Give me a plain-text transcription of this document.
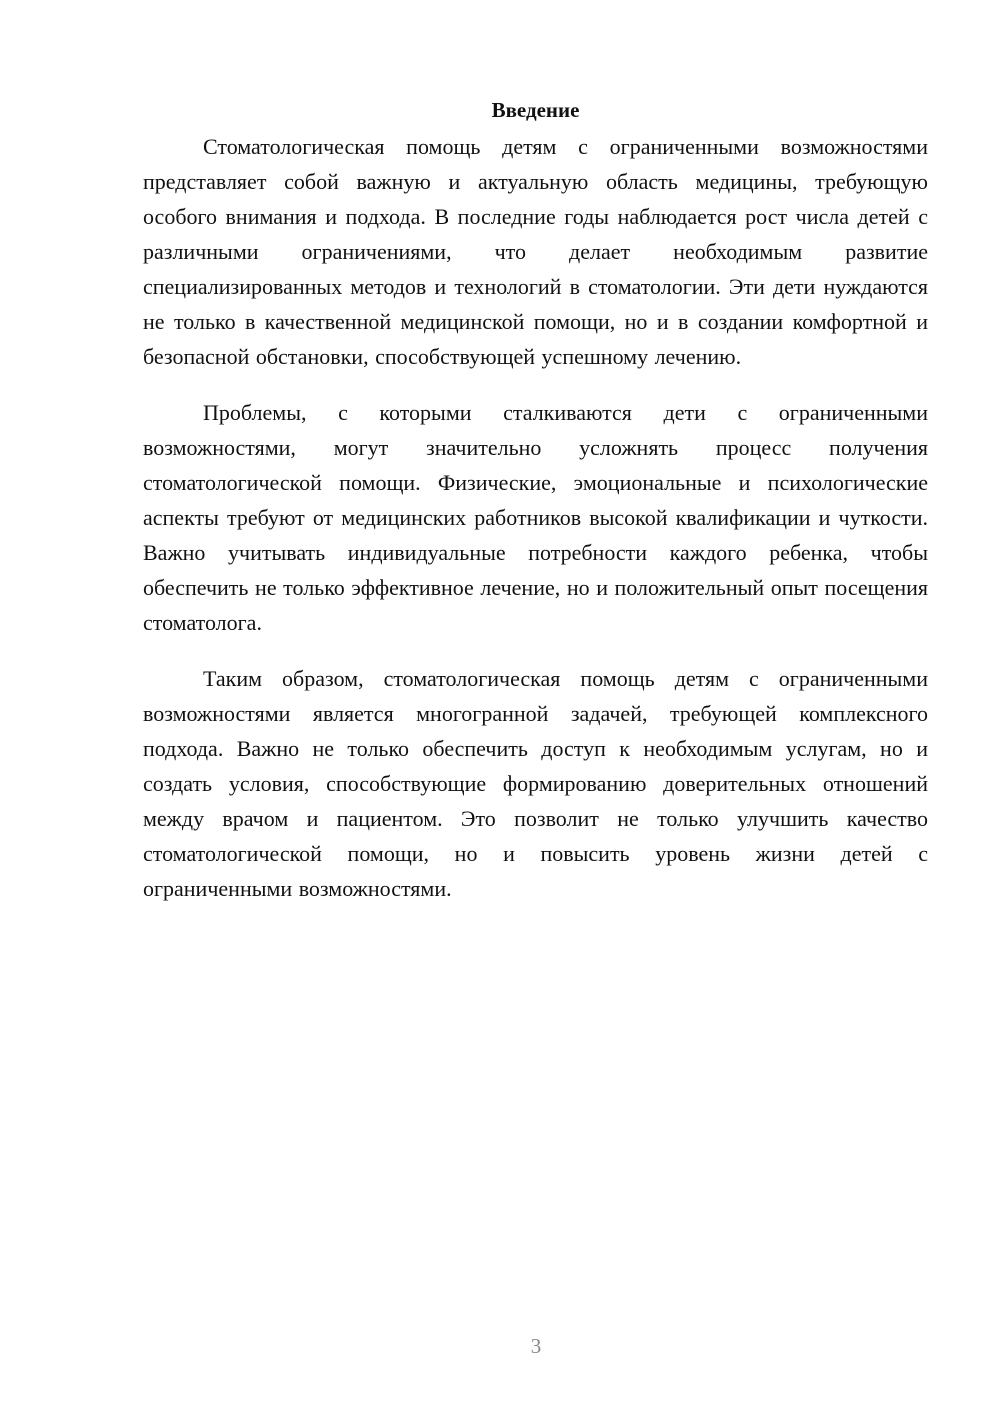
Введение

Стоматологическая помощь детям с ограниченными возможностями представляет собой важную и актуальную область медицины, требующую особого внимания и подхода. В последние годы наблюдается рост числа детей с различными ограничениями, что делает необходимым развитие специализированных методов и технологий в стоматологии. Эти дети нуждаются не только в качественной медицинской помощи, но и в создании комфортной и безопасной обстановки, способствующей успешному лечению.

Проблемы, с которыми сталкиваются дети с ограниченными возможностями, могут значительно усложнять процесс получения стоматологической помощи. Физические, эмоциональные и психологические аспекты требуют от медицинских работников высокой квалификации и чуткости. Важно учитывать индивидуальные потребности каждого ребенка, чтобы обеспечить не только эффективное лечение, но и положительный опыт посещения стоматолога.

Таким образом, стоматологическая помощь детям с ограниченными возможностями является многогранной задачей, требующей комплексного подхода. Важно не только обеспечить доступ к необходимым услугам, но и создать условия, способствующие формированию доверительных отношений между врачом и пациентом. Это позволит не только улучшить качество стоматологической помощи, но и повысить уровень жизни детей с ограниченными возможностями.

3
